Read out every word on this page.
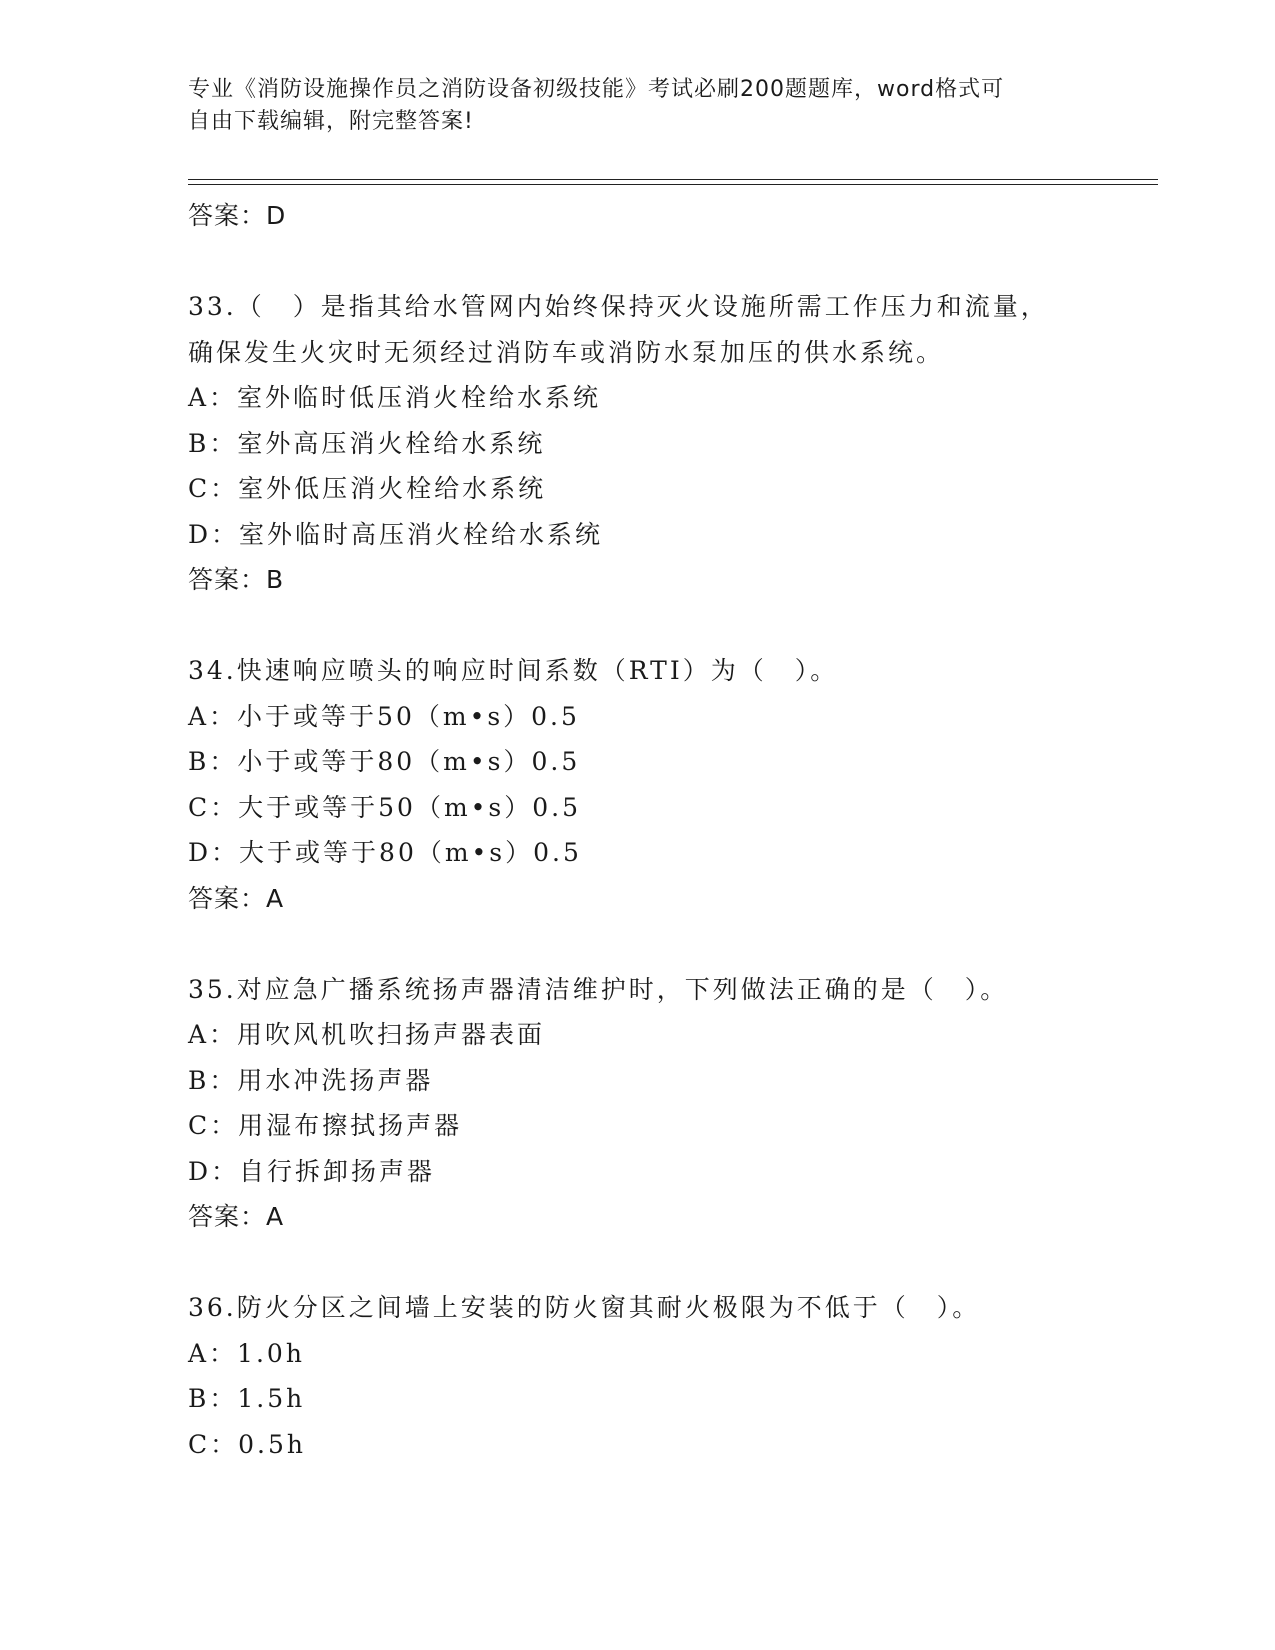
专业《消防设施操作员之消防设备初级技能》考试必刷200题题库，word格式可
自由下载编辑，附完整答案!
答案：D
33.（　）是指其给水管网内始终保持灭火设施所需工作压力和流量，
确保发生火灾时无须经过消防车或消防水泵加压的供水系统。
A：室外临时低压消火栓给水系统
B：室外高压消火栓给水系统
C：室外低压消火栓给水系统
D：室外临时高压消火栓给水系统
答案：B
34.快速响应喷头的响应时间系数（RTI）为（　）。
A：小于或等于50（m•s）0.5
B：小于或等于80（m•s）0.5
C：大于或等于50（m•s）0.5
D：大于或等于80（m•s）0.5
答案：A
35.对应急广播系统扬声器清洁维护时，下列做法正确的是（　）。
A：用吹风机吹扫扬声器表面
B：用水冲洗扬声器
C：用湿布擦拭扬声器
D：自行拆卸扬声器
答案：A
36.防火分区之间墙上安装的防火窗其耐火极限为不低于（　）。
A：1.0h
B：1.5h
C：0.5h
